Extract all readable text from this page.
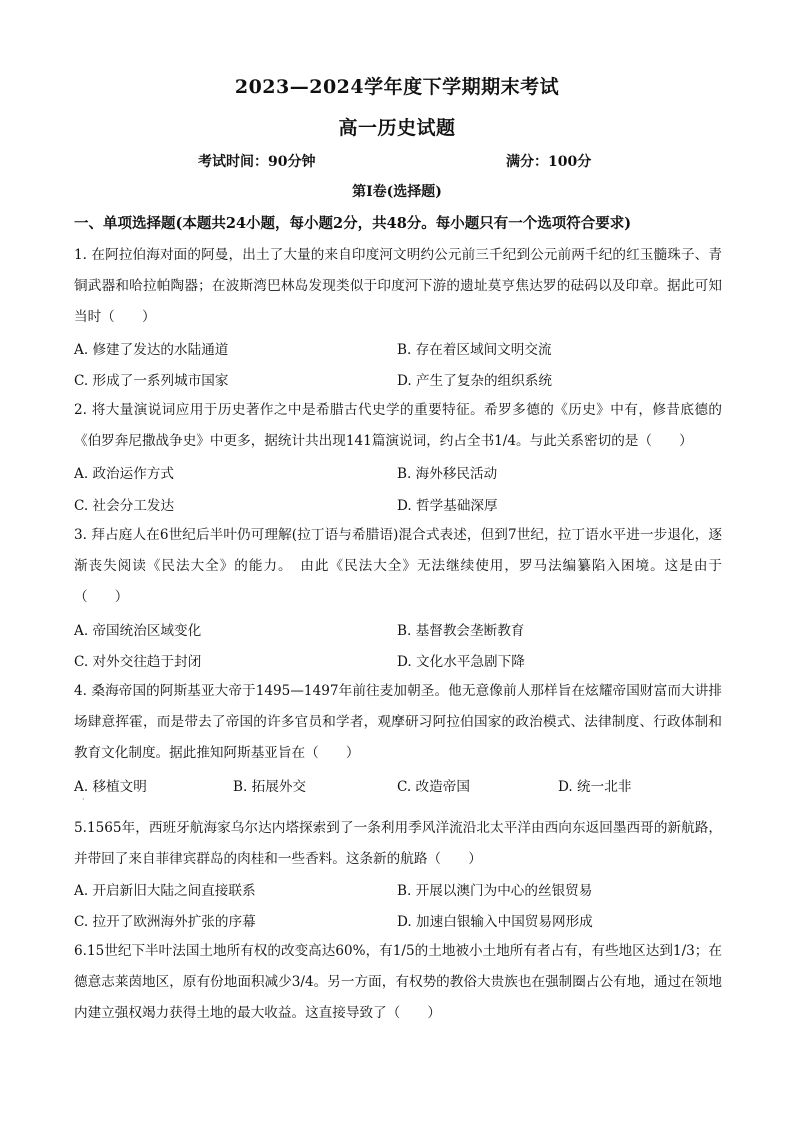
2023—2024学年度下学期期末考试
高一历史试题
考试时间：90分钟	满分：100分
第Ⅰ卷(选择题)
一、单项选择题(本题共24小题，每小题2分，共48分。每小题只有一个选项符合要求)
1. 在阿拉伯海对面的阿曼，出土了大量的来自印度河文明约公元前三千纪到公元前两千纪的红玉髓珠子、青铜武器和哈拉帕陶器；在波斯湾巴林岛发现类似于印度河下游的遗址莫亨焦达罗的砝码以及印章。据此可知当时（　　）
A. 修建了发达的水陆通道	B. 存在着区域间文明交流
C. 形成了一系列城市国家	D. 产生了复杂的组织系统
2. 将大量演说词应用于历史著作之中是希腊古代史学的重要特征。希罗多德的《历史》中有，修昔底德的《伯罗奔尼撒战争史》中更多，据统计共出现141篇演说词，约占全书1/4。与此关系密切的是（　　）
A. 政治运作方式	B. 海外移民活动
C. 社会分工发达	D. 哲学基础深厚
3. 拜占庭人在6世纪后半叶仍可理解(拉丁语与希腊语)混合式表述，但到7世纪，拉丁语水平进一步退化，逐渐丧失阅读《民法大全》的能力。　由此《民法大全》无法继续使用，罗马法编纂陷入困境。这是由于（　　）
A. 帝国统治区域变化	B. 基督教会垄断教育
C. 对外交往趋于封闭	D. 文化水平急剧下降
4. 桑海帝国的阿斯基亚大帝于1495—1497年前往麦加朝圣。他无意像前人那样旨在炫耀帝国财富而大讲排场肆意挥霍，而是带去了帝国的许多官员和学者，观摩研习阿拉伯国家的政治模式、法律制度、行政体制和教育文化制度。据此推知阿斯基亚旨在（　　）
A. 移植文明	B. 拓展外交	C. 改造帝国	D. 统一北非
·
5.1565年，西班牙航海家乌尔达内塔探索到了一条利用季风洋流沿北太平洋由西向东返回墨西哥的新航路，并带回了来自菲律宾群岛的肉桂和一些香料。这条新的航路（　　）
A. 开启新旧大陆之间直接联系	B. 开展以澳门为中心的丝银贸易
C. 拉开了欧洲海外扩张的序幕	D. 加速白银输入中国贸易网形成
6.15世纪下半叶法国土地所有权的改变高达60%，有1/5的土地被小土地所有者占有，有些地区达到1/3；在德意志莱茵地区，原有份地面积减少3/4。另一方面，有权势的教俗大贵族也在强制圈占公有地，通过在领地内建立强权竭力获得土地的最大收益。这直接导致了（　　）
